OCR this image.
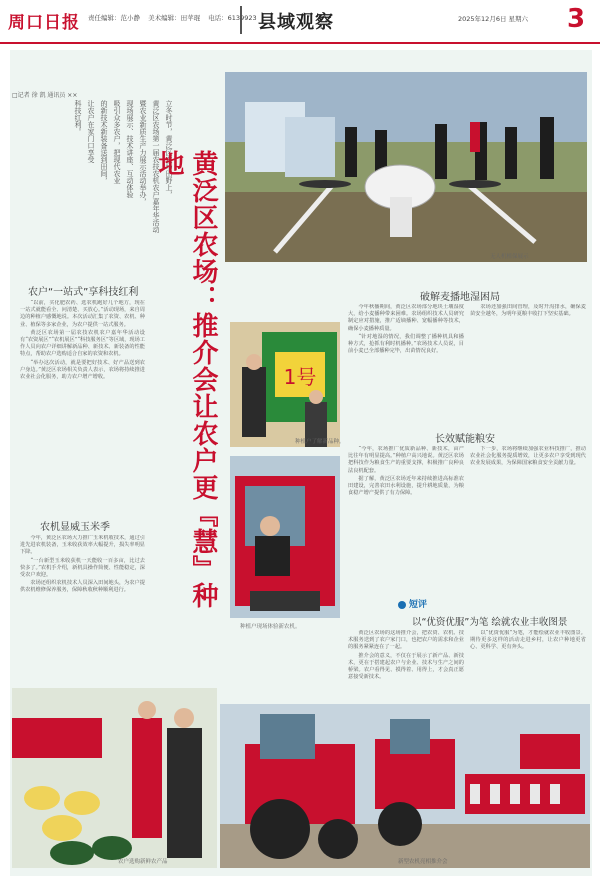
周口日报 责任编辑：范小静 美术编辑：田苹琨 电话：6139923 县域观察	2025年12月6日 星期六 3
□记者 徐 凯 通讯员 ××
立冬时节，黄泛区农场田野上，
黄泛区农场第一届农技农机农户嘉年华活动
暨农业新质生产力展示活动举办，
现场展示、技术讲座、互动体验
吸引众多农户，把现代农业
的新技术新装备送到田间，
让农户在家门口享受
科技红利。
黄泛区农场：推介会让农户更『慧』种地
无人机植保展示
农户“一站式”享科技红利

“以前，买化肥农药、选农机跑好几个地方，现在一站式就能看全、问清楚、买放心。”活动现场，来自周边的种植户感慨地说。本次活动汇集了农资、农机、种业、植保等多家企业，为农户提供一站式服务。

黄泛区农场第一届农技农机农户嘉年华活动设有“农资展区”“农机展区”“科技服务区”等区域，现场工作人员向农户详细讲解新品种、新技术、新装备的性能特点，帮助农户选购适合自家的农资和农机。

“举办这次活动，就是要把好技术、好产品送到农户身边。”黄泛区农场相关负责人表示，农场将持续推进农业社会化服务，助力农户增产增收。

农机显威玉米季

今年，黄泛区农场大力推广玉米机收技术，通过引进先进农机装备，玉米收获效率大幅提升，损失率明显下降。

“一台新型玉米收获机一天能收一百多亩，比过去快多了。”农机手介绍，新机具操作简便、性能稳定，深受农户欢迎。

农场还组织农机技术人员深入田间地头，为农户提供农机维修保养服务，保障秋收秋种顺利进行。

1号
种植户了解新品种。
种植户现场体验新农机。
破解麦播地湿困局

今年秋播期间，黄泛区农场部分地块土壤湿度大，给小麦播种带来困难。农场组织技术人员研究制定应对措施，推广适墒播种、宽幅播种等技术，确保小麦播种质量。

“针对地湿的情况，我们调整了播种机具和播种方式，抢抓有利时机播种。”农场技术人员说，目前小麦已全部播种完毕，出苗情况良好。

农场还加强田间管理，及时开沟排水，确保麦苗安全越冬，为明年夏粮丰收打下坚实基础。

长效赋能粮安

“今年，农场推广优质新品种、新技术，亩产比往年有明显提高。”种植户高兴地说。黄泛区农场把科技作为粮食生产的重要支撑，积极推广良种良法良机配套。

据了解，黄泛区农场近年来持续推进高标准农田建设，完善农田水利设施，提升耕地质量，为粮食稳产增产提供了有力保障。

下一步，农场将继续加强农业科技推广，推动农业社会化服务提质增效，让更多农户享受到现代农业发展成果，为保障国家粮食安全贡献力量。

短评
以“优资优服”为笔 绘就农业丰收图景

黄泛区农场的这场推介会，把农资、农机、技术服务送到了农户家门口，也把农户的需求和企业的服务紧紧连在了一起。

推介会的意义，不仅在于展示了新产品、新技术，更在于搭建起农户与企业、技术与生产之间的桥梁。农户看得见、摸得着、用得上，才会真正愿意接受新技术。

以“优资优服”为笔，才能绘就农业丰收图景。期待更多这样的活动走进乡村，让农户种地更省心、更科学、更有奔头。

农户选购新鲜农产品	新型农机亮相推介会
